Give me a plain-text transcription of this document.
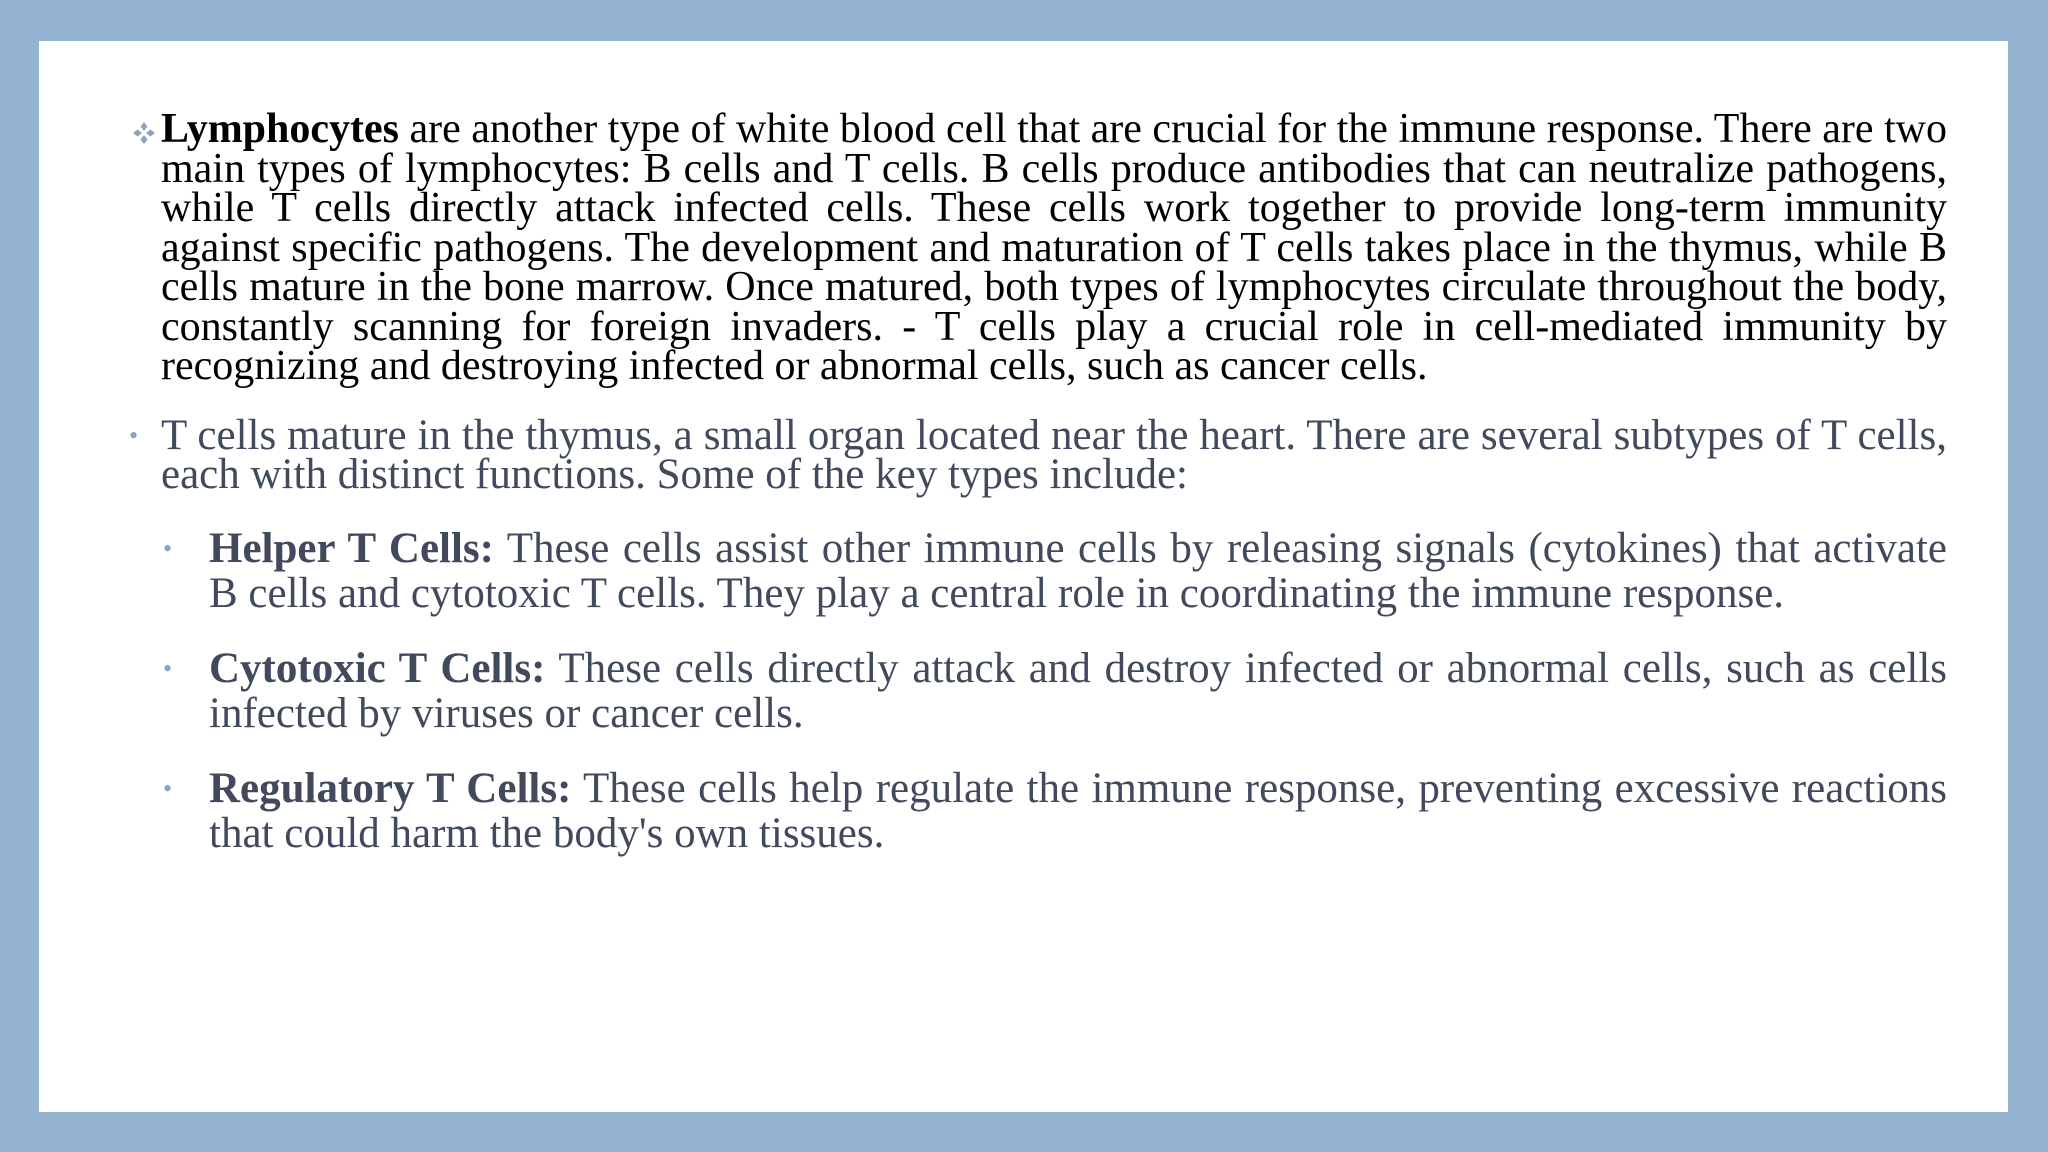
Lymphocytes are another type of white blood cell that are crucial for the immune response. There are two main types of lymphocytes: B cells and T cells. B cells produce antibodies that can neutralize pathogens, while T cells directly attack infected cells. These cells work together to provide long-term immunity against specific pathogens. The development and maturation of T cells takes place in the thymus, while B cells mature in the bone marrow. Once matured, both types of lymphocytes circulate throughout the body, constantly scanning for foreign invaders. - T cells play a crucial role in cell-mediated immunity by recognizing and destroying infected or abnormal cells, such as cancer cells.
• T cells mature in the thymus, a small organ located near the heart. There are several subtypes of T cells, each with distinct functions. Some of the key types include:
• Helper T Cells: These cells assist other immune cells by releasing signals (cytokines) that activate B cells and cytotoxic T cells. They play a central role in coordinating the immune response.
• Cytotoxic T Cells: These cells directly attack and destroy infected or abnormal cells, such as cells infected by viruses or cancer cells.
• Regulatory T Cells: These cells help regulate the immune response, preventing excessive reactions that could harm the body's own tissues.
